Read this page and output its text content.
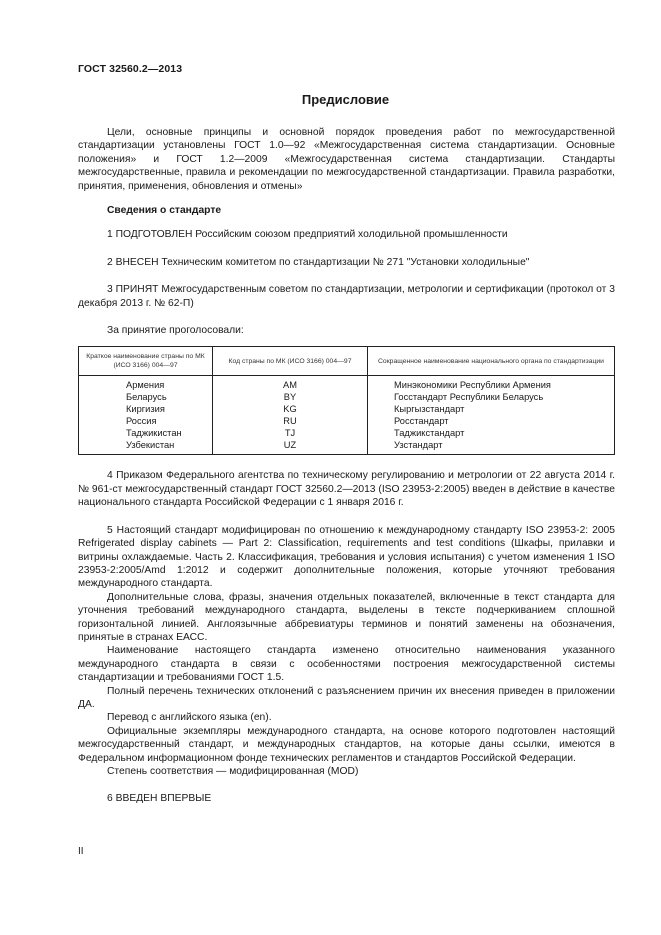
ГОСТ 32560.2—2013
Предисловие

Цели, основные принципы и основной порядок проведения работ по межгосударственной стандартизации установлены ГОСТ 1.0—92 «Межгосударственная система стандартизации. Основные положения» и ГОСТ 1.2—2009 «Межгосударственная система стандартизации. Стандарты межгосударственные, правила и рекомендации по межгосударственной стандартизации. Правила разработки, принятия, применения, обновления и отмены»

Сведения о стандарте

1 ПОДГОТОВЛЕН Российским союзом предприятий холодильной промышленности

2 ВНЕСЕН Техническим комитетом по стандартизации № 271 "Установки холодильные"

3 ПРИНЯТ Межгосударственным советом по стандартизации, метрологии и сертификации (протокол от 3 декабря 2013 г. № 62-П)

За принятие проголосовали:

Краткое наименование страны по МК (ИСО 3166) 004—97	Код страны по МК (ИСО 3166) 004—97	Сокращенное наименование национального органа по стандартизации
Армения	AM	Минэкономики Республики Армения
Беларусь	BY	Госстандарт Республики Беларусь
Киргизия	KG	Кыргызстандарт
Россия	RU	Росстандарт
Таджикистан	TJ	Таджикстандарт
Узбекистан	UZ	Узстандарт

4 Приказом Федерального агентства по техническому регулированию и метрологии от 22 августа 2014 г. № 961-ст межгосударственный стандарт ГОСТ 32560.2—2013 (ISO 23953-2:2005) введен в действие в качестве национального стандарта Российской Федерации с 1 января 2016 г.

5 Настоящий стандарт модифицирован по отношению к международному стандарту ISO 23953-2: 2005 Refrigerated display cabinets — Part 2: Classification, requirements and test conditions (Шкафы, прилавки и витрины охлаждаемые. Часть 2. Классификация, требования и условия испытания) с учетом изменения 1 ISO 23953-2:2005/Amd 1:2012 и содержит дополнительные положения, которые уточняют требования международного стандарта.

Дополнительные слова, фразы, значения отдельных показателей, включенные в текст стандарта для уточнения требований международного стандарта, выделены в тексте подчеркиванием сплошной горизонтальной линией. Англоязычные аббревиатуры терминов и понятий заменены на обозначения, принятые в странах ЕАСС.

Наименование настоящего стандарта изменено относительно наименования указанного международного стандарта в связи с особенностями построения межгосударственной системы стандартизации и требованиями ГОСТ 1.5.

Полный перечень технических отклонений с разъяснением причин их внесения приведен в приложении ДА.

Перевод с английского языка (en).

Официальные экземпляры международного стандарта, на основе которого подготовлен настоящий межгосударственный стандарт, и международных стандартов, на которые даны ссылки, имеются в Федеральном информационном фонде технических регламентов и стандартов Российской Федерации.

Степень соответствия — модифицированная (MOD)

6 ВВЕДЕН ВПЕРВЫЕ

II
